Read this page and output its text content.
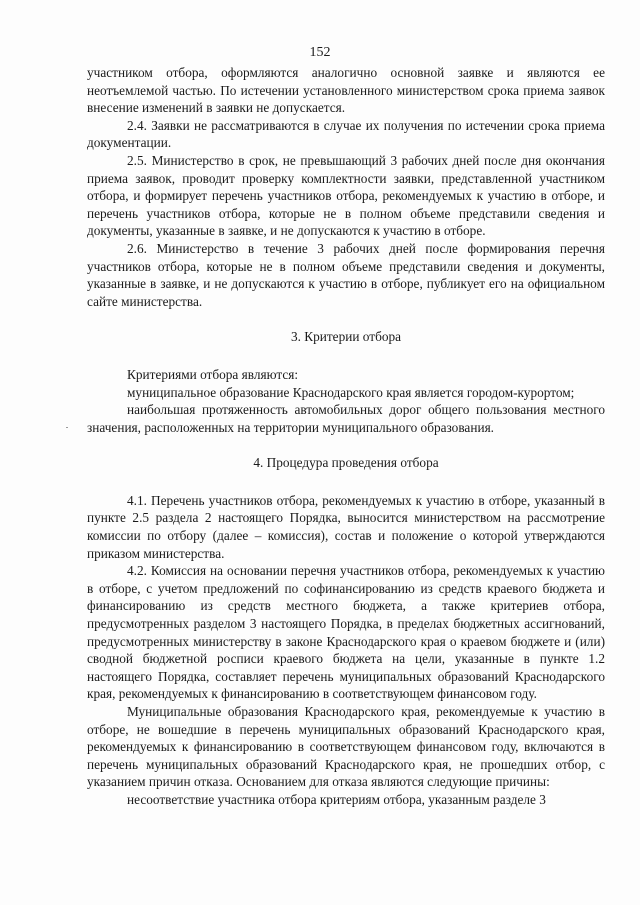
152

участником отбора, оформляются аналогично основной заявке и являются ее неотъемлемой частью. По истечении установленного министерством срока приема заявок внесение изменений в заявки не допускается.

2.4. Заявки не рассматриваются в случае их получения по истечении срока приема документации.

2.5. Министерство в срок, не превышающий 3 рабочих дней после дня окончания приема заявок, проводит проверку комплектности заявки, представленной участником отбора, и формирует перечень участников отбора, рекомендуемых к участию в отборе, и перечень участников отбора, которые не в полном объеме представили сведения и документы, указанные в заявке, и не допускаются к участию в отборе.

2.6. Министерство в течение 3 рабочих дней после формирования перечня участников отбора, которые не в полном объеме представили сведения и документы, указанные в заявке, и не допускаются к участию в отборе, публикует его на официальном сайте министерства.

3. Критерии отбора

Критериями отбора являются:

муниципальное образование Краснодарского края является городом-курортом;

наибольшая протяженность автомобильных дорог общего пользования местного значения, расположенных на территории муниципального образования.

4. Процедура проведения отбора

4.1. Перечень участников отбора, рекомендуемых к участию в отборе, указанный в пункте 2.5 раздела 2 настоящего Порядка, выносится министерством на рассмотрение комиссии по отбору (далее – комиссия), состав и положение о которой утверждаются приказом министерства.

4.2. Комиссия на основании перечня участников отбора, рекомендуемых к участию в отборе, с учетом предложений по софинансированию из средств краевого бюджета и финансированию из средств местного бюджета, а также критериев отбора, предусмотренных разделом 3 настоящего Порядка, в пределах бюджетных ассигнований, предусмотренных министерству в законе Краснодарского края о краевом бюджете и (или) сводной бюджетной росписи краевого бюджета на цели, указанные в пункте 1.2 настоящего Порядка, составляет перечень муниципальных образований Краснодарского края, рекомендуемых к финансированию в соответствующем финансовом году.

Муниципальные образования Краснодарского края, рекомендуемые к участию в отборе, не вошедшие в перечень муниципальных образований Краснодарского края, рекомендуемых к финансированию в соответствующем финансовом году, включаются в перечень муниципальных образований Краснодарского края, не прошедших отбор, с указанием причин отказа. Основанием для отказа являются следующие причины:

несоответствие участника отбора критериям отбора, указанным разделе 3
